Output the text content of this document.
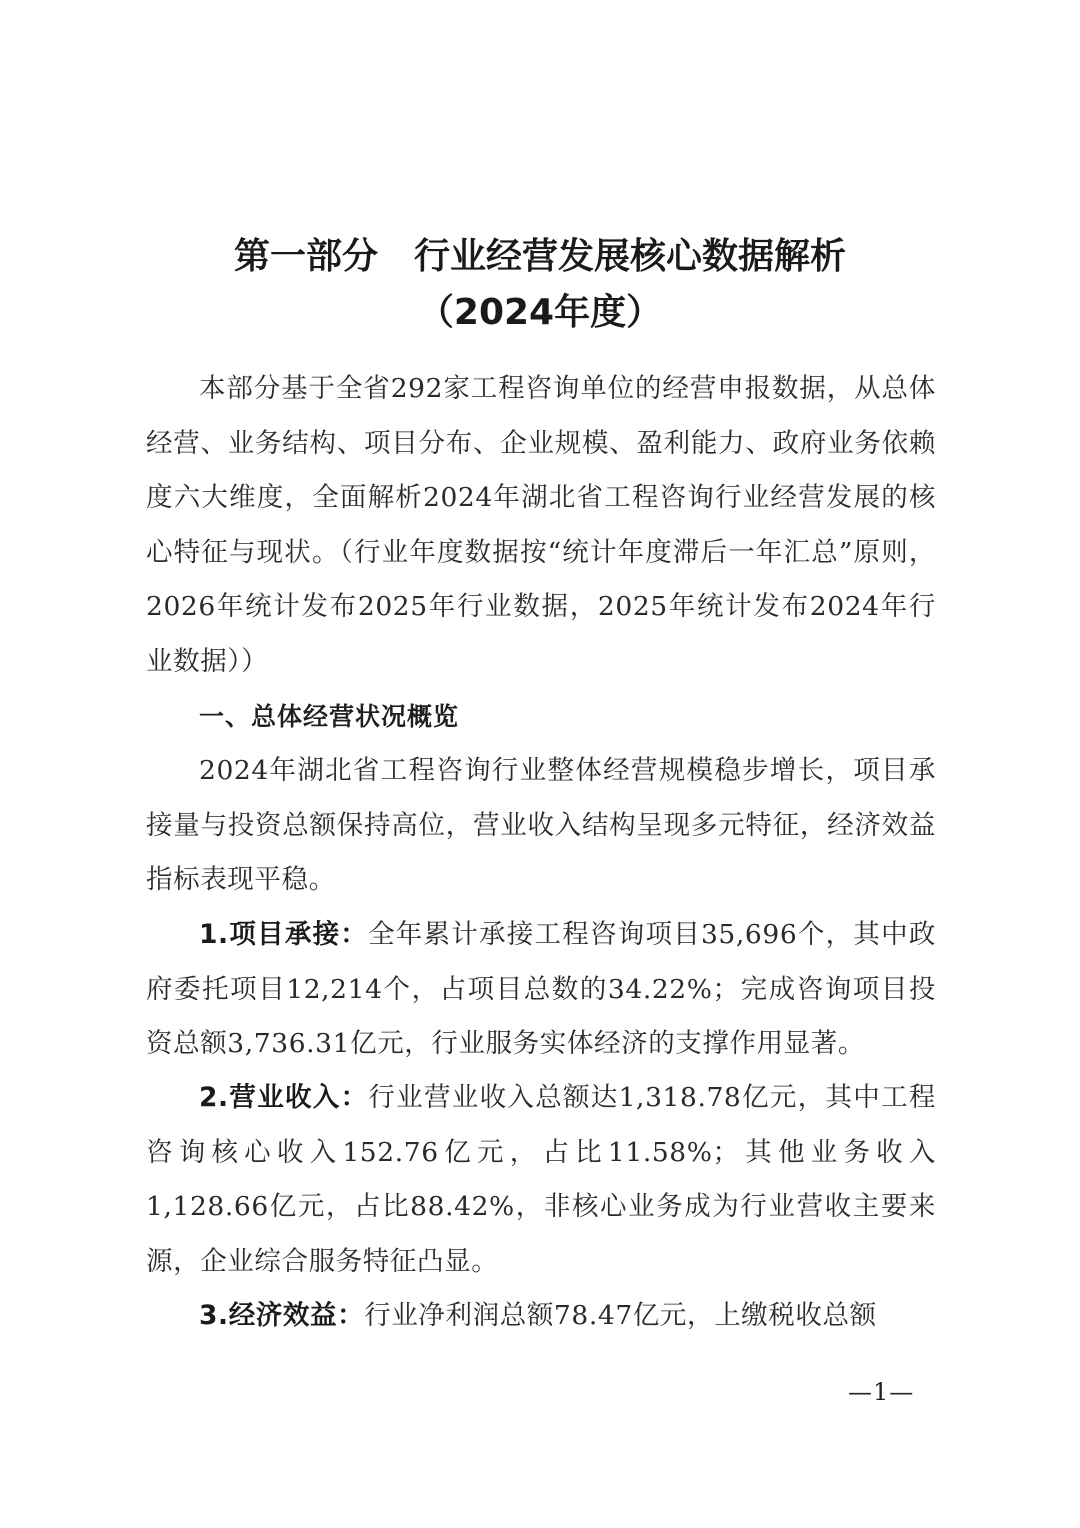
第一部分　行业经营发展核心数据解析
（2024年度）
本部分基于全省292家工程咨询单位的经营申报数据，从总体经营、业务结构、项目分布、企业规模、盈利能力、政府业务依赖度六大维度，全面解析2024年湖北省工程咨询行业经营发展的核心特征与现状。（行业年度数据按“统计年度滞后一年汇总”原则，2026年统计发布2025年行业数据，2025年统计发布2024年行业数据））
一、总体经营状况概览
2024年湖北省工程咨询行业整体经营规模稳步增长，项目承接量与投资总额保持高位，营业收入结构呈现多元特征，经济效益指标表现平稳。
1.项目承接：全年累计承接工程咨询项目35,696个，其中政府委托项目12,214个，占项目总数的34.22%；完成咨询项目投资总额3,736.31亿元，行业服务实体经济的支撑作用显著。
2.营业收入：行业营业收入总额达1,318.78亿元，其中工程咨询核心收入152.76亿元，占比11.58%；其他业务收入1,128.66亿元，占比88.42%，非核心业务成为行业营收主要来源，企业综合服务特征凸显。
3.经济效益：行业净利润总额78.47亿元，上缴税收总额
—1—
